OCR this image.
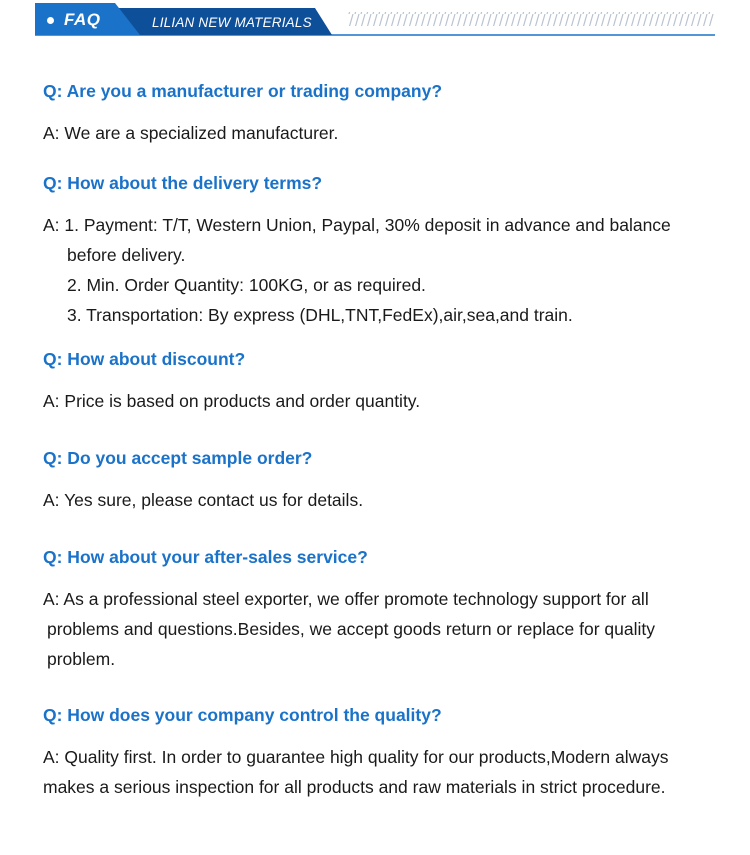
FAQ	LILIAN NEW MATERIALS
Q: Are you a manufacturer or trading company?
A: We are a specialized manufacturer.
Q: How about the delivery terms?
A: 1. Payment: T/T, Western Union, Paypal, 30% deposit in advance and balance
before delivery.
2. Min. Order Quantity: 100KG, or as required.
3. Transportation: By express (DHL,TNT,FedEx),air,sea,and train.
Q: How about discount?
A: Price is based on products and order quantity.
Q: Do you accept sample order?
A: Yes sure, please contact us for details.
Q: How about your after-sales service?
A: As a professional steel exporter, we offer promote technology support for all
problems and questions.Besides, we accept goods return or replace for quality
problem.
Q: How does your company control the quality?
A: Quality first. In order to guarantee high quality for our products,Modern always
makes a serious inspection for all products and raw materials in strict procedure.
